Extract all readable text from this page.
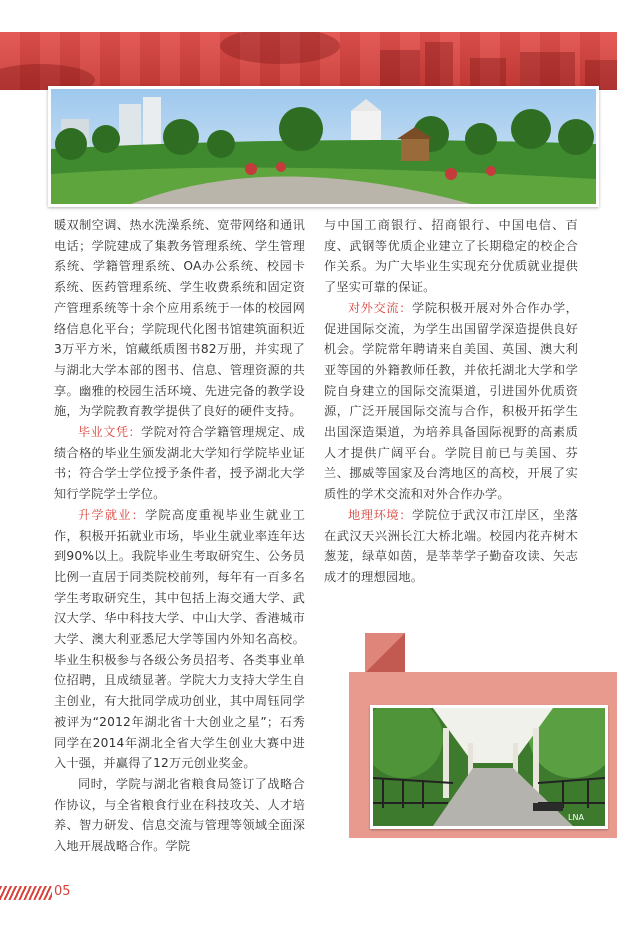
暖双制空调、热水洗澡系统、宽带网络和通讯电话；学院建成了集教务管理系统、学生管理系统、学籍管理系统、OA办公系统、校园卡系统、医药管理系统、学生收费系统和固定资产管理系统等十余个应用系统于一体的校园网络信息化平台；学院现代化图书馆建筑面积近3万平方米，馆藏纸质图书82万册，并实现了与湖北大学本部的图书、信息、管理资源的共享。幽雅的校园生活环境、先进完备的教学设施，为学院教育教学提供了良好的硬件支持。

毕业文凭：学院对符合学籍管理规定、成绩合格的毕业生颁发湖北大学知行学院毕业证书；符合学士学位授予条件者，授予湖北大学知行学院学士学位。

升学就业：学院高度重视毕业生就业工作，积极开拓就业市场，毕业生就业率连年达到90%以上。我院毕业生考取研究生、公务员比例一直居于同类院校前列，每年有一百多名学生考取研究生，其中包括上海交通大学、武汉大学、华中科技大学、中山大学、香港城市大学、澳大利亚悉尼大学等国内外知名高校。毕业生积极参与各级公务员招考、各类事业单位招聘，且成绩显著。学院大力支持大学生自主创业，有大批同学成功创业，其中周钰同学被评为“2012年湖北省十大创业之星”；石秀同学在2014年湖北全省大学生创业大赛中进入十强，并赢得了12万元创业奖金。

同时，学院与湖北省粮食局签订了战略合作协议，与全省粮食行业在科技攻关、人才培养、智力研发、信息交流与管理等领域全面深入地开展战略合作。学院

与中国工商银行、招商银行、中国电信、百度、武钢等优质企业建立了长期稳定的校企合作关系。为广大毕业生实现充分优质就业提供了坚实可靠的保证。

对外交流：学院积极开展对外合作办学，促进国际交流，为学生出国留学深造提供良好机会。学院常年聘请来自美国、英国、澳大利亚等国的外籍教师任教，并依托湖北大学和学院自身建立的国际交流渠道，引进国外优质资源，广泛开展国际交流与合作，积极开拓学生出国深造渠道，为培养具备国际视野的高素质人才提供广阔平台。学院目前已与美国、芬兰、挪威等国家及台湾地区的高校，开展了实质性的学术交流和对外合作办学。

地理环境：学院位于武汉市江岸区，坐落在武汉天兴洲长江大桥北端。校园内花卉树木葱茏，绿草如茵，是莘莘学子勤奋攻读、矢志成才的理想园地。

LNA
05
